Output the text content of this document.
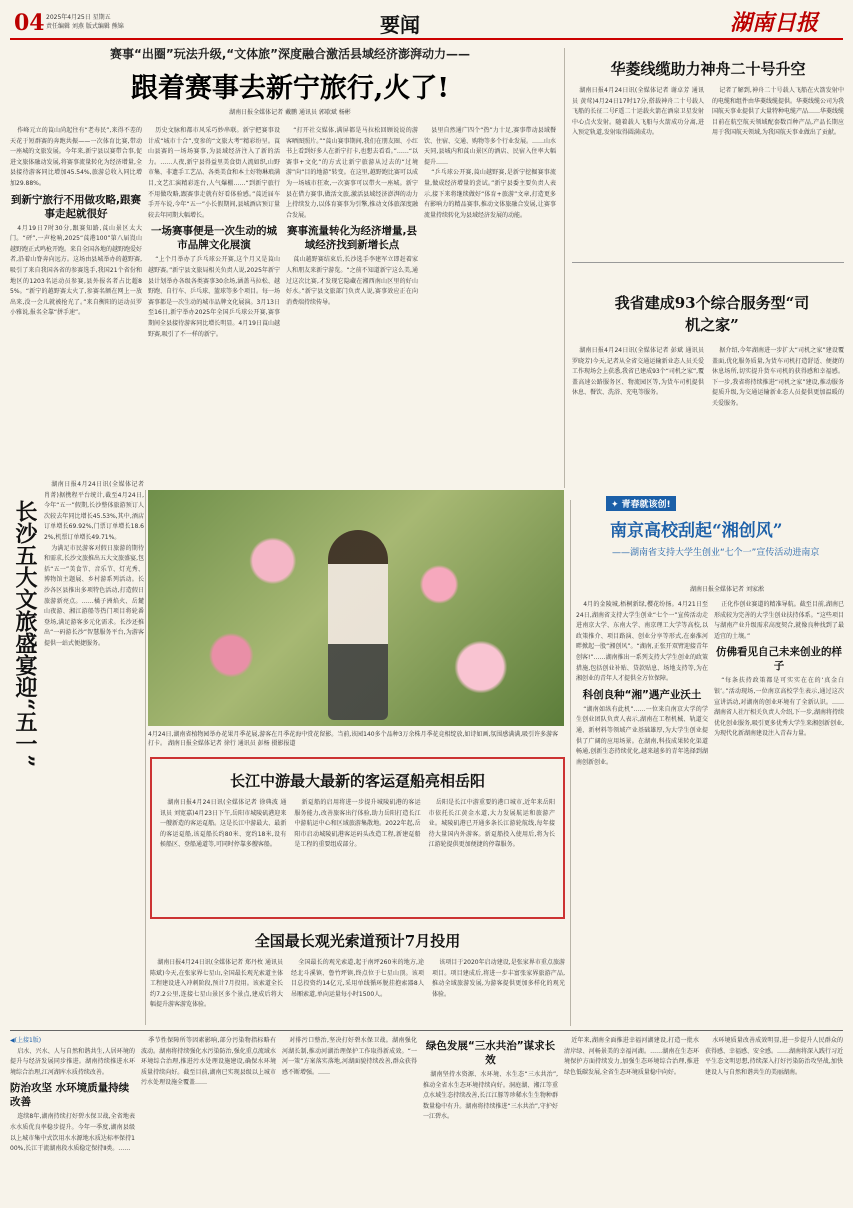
04 2025年4月25日 星期五
责任编辑 刘燕 版式编辑 熊锦	要闻	湖南日报
赛事“出圈”玩法升级,“文体旅”深度融合激活县域经济澎湃动力——
跟着赛事去新宁旅行,火了!
湖南日报全媒体记者 戴鹏 通讯员 郭歇斌 杨彬

作峰元立的莨山尚起往有“老寿民”,来得不差的天花于短群赛的奔跑共振——一次体育比赛,带动一座城的文旅发展。今年来,新宁县以赛带合事,促进文旅体融动发展,将赛事流量转化为经济增量,全县接待游客同比增加45.54%,旅游总收入同比增加29.88%。

到新宁旅行不用做攻略,跟赛事走起就很好

4月19日7时30分,跟赛知路,莨山景区太大门。“砰”,一声枪响,2025“莨港100”第八届崀山越野跑正式鸣枪开跑。来自全国各地的越野跑爱好者,沿着山脊奔向远方。这场由县城举办的越野赛,吸引了来自我国各省的参赛选手,我国21个省份和地区的1203名运动员参赛,县外报名者占比超85%。“新宁的越野赛太火了,参赛名额在网上一放出来,没一会儿就被抢光了。”来自衡阳的运动员罗小雅说,报名全靠“拼手速”。

历史文脉和都市风采巧妙串联。新宁把赛事设计成“城市十合”,变参的“文旅大考”精彩纷呈。莨山县赛的一场场赛事,为县域经济注入了新的活力。……人夜,新宁县得益里美食街人流如织,山野市集、非遗手工艺品、各类美食和本土好物琳琅满目,文艺汇演精彩连台,人气爆棚……“到新宁旅行不用做攻略,跟赛事走就有好看体验感。”莨近届车手开车说,今年“五一”小长假期间,县城酒店预订量较去年同期大幅增长。

一场赛事便是一次生动的城市品牌文化展演

“上个月举办了乒乓球公开赛,这个月又是莨山越野赛。”新宁县文旅局相关负责人说,2025年新宁县计划举办各级各类赛事30余场,涵盖马拉松、越野跑、自行车、乒乓球、篮球等多个项目。每一场赛事都是一次生动的城市品牌文化展演。3月13日至16日,新宁举办2025年全国乒乓球公开赛,赛事期间全县接待游客同比增长明显。4月19日莨山越野赛,吸引了不一样的新宁。

“打开社交媒体,满屏都是马拉松回顾说说的游客晒图照片。”“莨山赛事期间,我们在朋友圈、小红书上看到好多人在新宁打卡,也想去看看。”……“以赛事+文化”的方式让新宁旅游从过去的“过境游”向“目的地游”转变。在这里,越野跑比赛可以成为一场城市狂欢,一次赛事可以带火一座城。新宁县在借力赛事,做活文旅,激活县域经济澎湃的动力上持续发力,以体育赛事为引擎,推动文体旅深度融合发展。

赛事流量转化为经济增量,县域经济找到新增长点

莨山越野赛结束后,长沙选手李建军立即赶着家人和朋友来新宁游览。“之前不知道新宁这么美,通过这次比赛,才发现它隐藏在湘西南山区里的好山好水。”新宁县文旅部门负责人说,赛事效应正在向消费端持续传导。

县里自然通广四个“热”力十足,赛事带动县域餐饮、住宿、交通、购物等多个行业发展。……山水天同,县城内和莨山景区的酒店、民宿入住率大幅提升……

“乒乓球公开赛,莨山越野赛,是新宁挖掘赛事流量,做成经济增量的尝试。”新宁县委主要负责人表示,接下来将继续做好“体育+旅游”文章,打造更多有影响力的精品赛事,推动文体旅融合发展,让赛事流量持续转化为县域经济发展的动能。

华菱线缆助力神舟二十号升空

湖南日报4月24日讯(全媒体记者 谢卓芳 通讯员 黄莺)4月24日17时17分,搭载神舟二十号载人飞船的长征二号F遥二十运载火箭在酒泉卫星发射中心点火发射。随着载人飞船与火箭成功分离,进入预定轨道,发射取得圆满成功。

记者了解到,神舟二十号载人飞船在火箭发射中的电缆和组件由华菱线缆提供。华菱线缆公司为我国航天事业提供了大量特种电缆产品……华菱线缆目前在航空航天领域配套数百种产品,产品长期应用于我国航天领域,为我国航天事业做出了贡献。

我省建成93个综合服务型“司机之家”

湖南日报4月24日讯(全媒体记者 彭斌 通讯员 罗晓芳)今天,记者从全省交通运输新业态人员关爱工作现场会上获悉,我省已建成93个“司机之家”,覆盖高速公路服务区、物流园区等,为货车司机提供休息、餐饮、洗浴、充电等服务。

据介绍,今年湖南进一步扩大“司机之家”建设覆盖面,优化服务质量,为货车司机打造舒适、便捷的休息场所,切实提升货车司机的获得感和幸福感。下一步,我省将持续推进“司机之家”建设,推动服务提质升级,为交通运输新业态人员提供更加温暖的关爱服务。

4月24日,湖南省植物园举办花果月季花展,游客在月季花海中赏花留影。当前,该园140多个品种3万余株月季花竞相绽放,如诗如画,氛围感满满,吸引许多游客打卡。 湖南日报全媒体记者 徐行 通讯员 彭杨 摄影报道
长沙五大文旅盛宴迎“五一”

湖南日报4月24日讯(全媒体记者 肖菁)据携程平台统计,截至4月24日,今年“五一”假期,长沙整体旅游预订人次较去年同比增长45.53%,其中,酒店订单增长69.92%,门票订单增长18.62%,机票订单增长49.71%。

为满足市民游客对假日旅游的期待和需求,长沙文旅推出五大文旅盛宴,包括“五一”美食节、音乐节、灯光秀、博物馆主题展、乡村游系列活动。长沙各区县推出多项特色活动,打造假日旅游新亮点。……橘子洲焰火、岳麓山夜游、湘江游船等热门项目将轮番登场,满足游客多元化需求。长沙还推出“一码游长沙”智慧服务平台,为游客提供一站式便捷服务。

长江中游最大最新的客运趸船亮相岳阳

湖南日报4月24日讯(全媒体记者 徐典波 通讯员 刘宽嘉)4月23日下午,岳阳市城陵矶港迎来一艘新造的客运趸船。这是长江中游最大、最新的客运趸船,该趸船长约80米、宽约18米,设有候船区、登船通道等,可同时停靠多艘客船。

新趸船的启用将进一步提升城陵矶港的客运服务能力,改善旅客出行体验,助力岳阳打造长江中游航运中心和区域旅游集散地。2022年起,岳阳市启动城陵矶港客运码头改造工程,新建趸船是工程的重要组成部分。

岳阳是长江中游重要的港口城市,近年来岳阳市依托长江黄金水道,大力发展航运和旅游产业。城陵矶港已开通多条长江游轮航线,每年接待大量国内外游客。新趸船投入使用后,将为长江游轮提供更加便捷的停靠服务。

✦ 青春就该创!
南京高校刮起“湘创风”
——湖南省支持大学生创业“七个一”宣传活动进南京
湖南日报全媒体记者 刘家淞

4月的金陵城,梧桐新绿,樱花纷扬。4月21日至24日,湖南省支持大学生创业“七个一”宣传活动走进南京大学、东南大学、南京理工大学等高校,以政策推介、项目路演、创业分享等形式,在秦淮河畔掀起一股“湘创风”。“湖南,正张开双臂迎接青年创客!”……湖南推出一系列支持大学生创业的政策措施,包括创业补贴、贷款贴息、场地支持等,为在湘创业的青年人才提供全方位保障。

科创良种“湘”遇产业沃土

“湖南如纵有此机”……一位来自南京大学的学生创业团队负责人表示,湖南在工程机械、轨道交通、新材料等领域产业基础雄厚,为大学生创业提供了广阔的应用场景。在湖南,科技成果转化渠道畅通,创新生态持续优化,越来越多的青年选择到湖南创新创业。

正化作创业赛道的精准导航。截至目前,湖南已形成较为完善的大学生创业扶持体系。“这些项目与湖南产业升级需求高度契合,就像良种找到了最适宜的土壤。”

仿佛看见自己未来创业的样子

“每条扶持政策都是可实实在在的‘真金白银’。”活动现场,一位南京高校学生表示,通过这次宣讲活动,对湖南的创业环境有了全新认识。……湖南省人社厅相关负责人介绍,下一步,湖南将持续优化创业服务,吸引更多优秀大学生来湘创新创业,为现代化新湖南建设注入青春力量。

全国最长观光索道预计7月投用

湖南日报4月24日讯(全媒体记者 郑丹枚 通讯员 陈斌)今天,在张家界七星山,全国最长观光索道主体工程建设进入冲刺阶段,预计7月投用。该索道全长约7.2公里,连接七星山景区多个景点,建成后将大幅提升游客游览体验。

全国最长的观光索道,起于南坪260米的地方,途经北斗溪镇、鲁竹坪镇,终点位于七星山顶。该项目总投资约14亿元,采用单线循环脱挂抱索器8人吊厢索道,单向运量每小时1500人。

该项目于2020年启动建设,是张家界市重点旅游项目。项目建成后,将进一步丰富张家界旅游产品,推动全域旅游发展,为游客提供更加多样化的观光体验。

◀(上接1版)

启水、兴水、人与自然和谐共生,人居环境的提升与经济发展同步推进。湖南持续推进水环境综合治理,江河湖库水质持续改善。

防治攻坚 水环境质量持续改善

连续8年,湖南持续打好碧水保卫战,全省地表水水质优良率稳步提升。今年一季度,湖南县级以上城市集中式饮用水水源地水质达标率保持100%,长江干流湖南段水质稳定保持Ⅱ类。……

季节性保障所等因素影响,部分污染物指标略有波动。湖南将持续强化水污染防治,强化重点流域水环境综合治理,推进污水处理设施建设,确保水环境质量持续向好。截至目前,湖南已实现县级以上城市污水处理设施全覆盖……

对排污口整治,坚决打好碧水保卫战。湖南强化河湖长制,推动河湖治理保护工作取得新成效。“一河一策”方案落实落地,河湖面貌持续改善,群众获得感不断增强。……

绿色发展“三水共治”谋求长效

湖南坚持水资源、水环境、水生态“三水共治”,推动全省水生态环境持续向好。洞庭湖、湘江等重点水域生态持续改善,长江江豚等珍稀水生生物种群数量稳中有升。湖南将持续推进“三水共治”,守护好一江碧水。

近年来,湖南全面推进幸福河湖建设,打造一批水清岸绿、河畅景美的幸福河湖。……湖南在生态环境保护方面持续发力,加强生态环境综合治理,推进绿色低碳发展,全省生态环境质量稳中向好。

水环境质量改善成效明显,进一步提升人民群众的获得感、幸福感、安全感。……湖南将深入践行习近平生态文明思想,持续深入打好污染防治攻坚战,加快建设人与自然和谐共生的美丽湖南。
